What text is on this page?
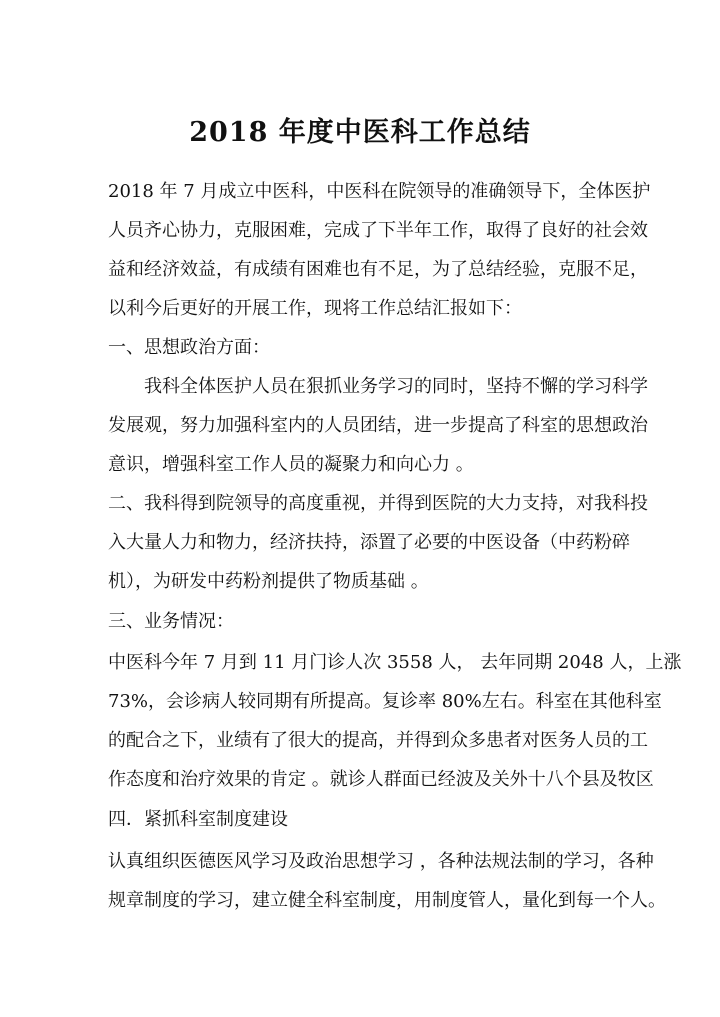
2018 年度中医科工作总结
2018 年 7 月成立中医科，中医科在院领导的准确领导下，全体医护
人员齐心协力，克服困难，完成了下半年工作，取得了良好的社会效
益和经济效益，有成绩有困难也有不足，为了总结经验，克服不足，
以利今后更好的开展工作，现将工作总结汇报如下：
一、思想政治方面：
我科全体医护人员在狠抓业务学习的同时，坚持不懈的学习科学
发展观，努力加强科室内的人员团结，进一步提高了科室的思想政治
意识，增强科室工作人员的凝聚力和向心力 。
二、我科得到院领导的高度重视，并得到医院的大力支持，对我科投
入大量人力和物力，经济扶持，添置了必要的中医设备（中药粉碎
机），为研发中药粉剂提供了物质基础 。
三、业务情况：
中医科今年 7 月到 11 月门诊人次 3558 人， 去年同期 2048 人，上涨
73%，会诊病人较同期有所提高。复诊率 80%左右。科室在其他科室
的配合之下，业绩有了很大的提高，并得到众多患者对医务人员的工
作态度和治疗效果的肯定 。就诊人群面已经波及关外十八个县及牧区
四．紧抓科室制度建设
认真组织医德医风学习及政治思想学习 ，各种法规法制的学习，各种
规章制度的学习，建立健全科室制度，用制度管人，量化到每一个人。
